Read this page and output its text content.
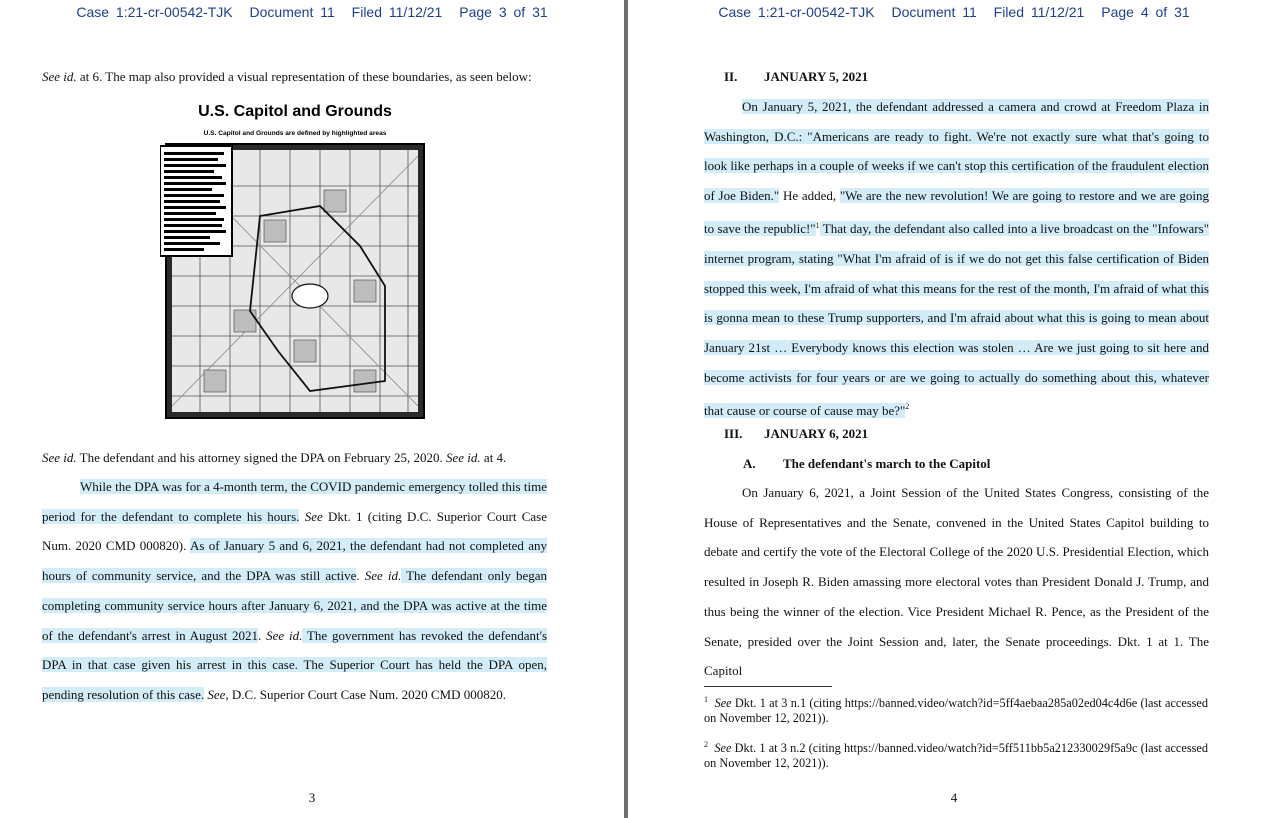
Case 1:21-cr-00542-TJK Document 11 Filed 11/12/21 Page 3 of 31
See id. at 6. The map also provided a visual representation of these boundaries, as seen below:
U.S. Capitol and Grounds
U.S. Capitol and Grounds are defined by highlighted areas
See id. The defendant and his attorney signed the DPA on February 25, 2020. See id. at 4.
While the DPA was for a 4-month term, the COVID pandemic emergency tolled this time period for the defendant to complete his hours. See Dkt. 1 (citing D.C. Superior Court Case Num. 2020 CMD 000820). As of January 5 and 6, 2021, the defendant had not completed any hours of community service, and the DPA was still active. See id. The defendant only began completing community service hours after January 6, 2021, and the DPA was active at the time of the defendant's arrest in August 2021. See id. The government has revoked the defendant's DPA in that case given his arrest in this case. The Superior Court has held the DPA open, pending resolution of this case. See, D.C. Superior Court Case Num. 2020 CMD 000820.
3
Case 1:21-cr-00542-TJK Document 11 Filed 11/12/21 Page 4 of 31
II. JANUARY 5, 2021
On January 5, 2021, the defendant addressed a camera and crowd at Freedom Plaza in Washington, D.C.: "Americans are ready to fight. We're not exactly sure what that's going to look like perhaps in a couple of weeks if we can't stop this certification of the fraudulent election of Joe Biden." He added, "We are the new revolution! We are going to restore and we are going to save the republic!"$^1$ That day, the defendant also called into a live broadcast on the "Infowars" internet program, stating "What I'm afraid of is if we do not get this false certification of Biden stopped this week, I'm afraid of what this means for the rest of the month, I'm afraid of what this is gonna mean to these Trump supporters, and I'm afraid about what this is going to mean about January 21st … Everybody knows this election was stolen … Are we just going to sit here and become activists for four years or are we going to actually do something about this, whatever that cause or course of cause may be?"$^2$
III. JANUARY 6, 2021
A. The defendant's march to the Capitol
On January 6, 2021, a Joint Session of the United States Congress, consisting of the House of Representatives and the Senate, convened in the United States Capitol building to debate and certify the vote of the Electoral College of the 2020 U.S. Presidential Election, which resulted in Joseph R. Biden amassing more electoral votes than President Donald J. Trump, and thus being the winner of the election. Vice President Michael R. Pence, as the President of the Senate, presided over the Joint Session and, later, the Senate proceedings. Dkt. 1 at 1. The Capitol
$^1$ See Dkt. 1 at 3 n.1 (citing https://banned.video/watch?id=5ff4aebaa285a02ed04c4d6e (last accessed on November 12, 2021)).
$^2$ See Dkt. 1 at 3 n.2 (citing https://banned.video/watch?id=5ff511bb5a212330029f5a9c (last accessed on November 12, 2021)).
4
